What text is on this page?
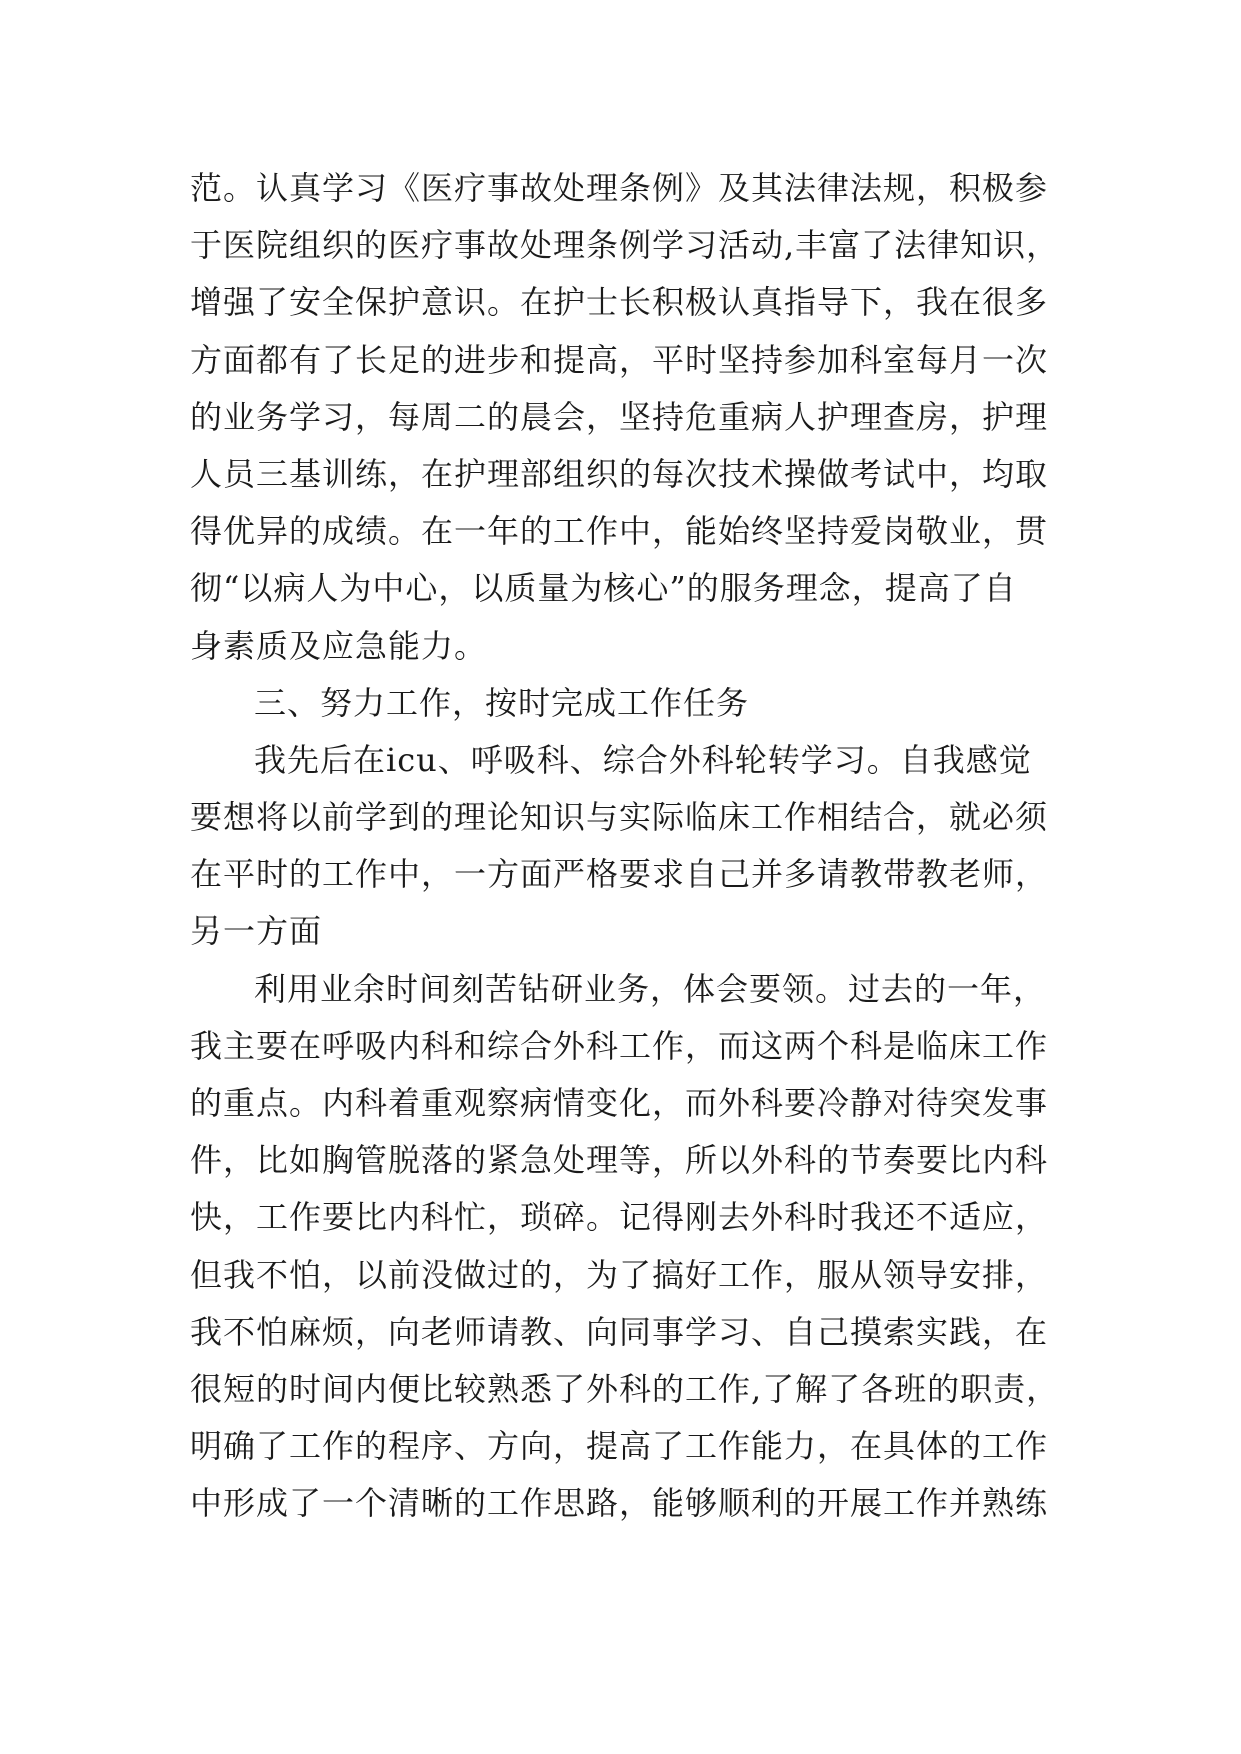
范。认真学习《医疗事故处理条例》及其法律法规，积极参
于医院组织的医疗事故处理条例学习活动,丰富了法律知识，
增强了安全保护意识。在护士长积极认真指导下，我在很多
方面都有了长足的进步和提高，平时坚持参加科室每月一次
的业务学习，每周二的晨会，坚持危重病人护理查房，护理
人员三基训练，在护理部组织的每次技术操做考试中，均取
得优异的成绩。在一年的工作中，能始终坚持爱岗敬业，贯
彻“以病人为中心，以质量为核心”的服务理念，提高了自
身素质及应急能力。
三、努力工作，按时完成工作任务
我先后在icu、呼吸科、综合外科轮转学习。自我感觉
要想将以前学到的理论知识与实际临床工作相结合，就必须
在平时的工作中，一方面严格要求自己并多请教带教老师，
另一方面
利用业余时间刻苦钻研业务，体会要领。过去的一年，
我主要在呼吸内科和综合外科工作，而这两个科是临床工作
的重点。内科着重观察病情变化，而外科要冷静对待突发事
件，比如胸管脱落的紧急处理等，所以外科的节奏要比内科
快，工作要比内科忙，琐碎。记得刚去外科时我还不适应，
但我不怕，以前没做过的，为了搞好工作，服从领导安排，
我不怕麻烦，向老师请教、向同事学习、自己摸索实践，在
很短的时间内便比较熟悉了外科的工作,了解了各班的职责，
明确了工作的程序、方向，提高了工作能力，在具体的工作
中形成了一个清晰的工作思路，能够顺利的开展工作并熟练
